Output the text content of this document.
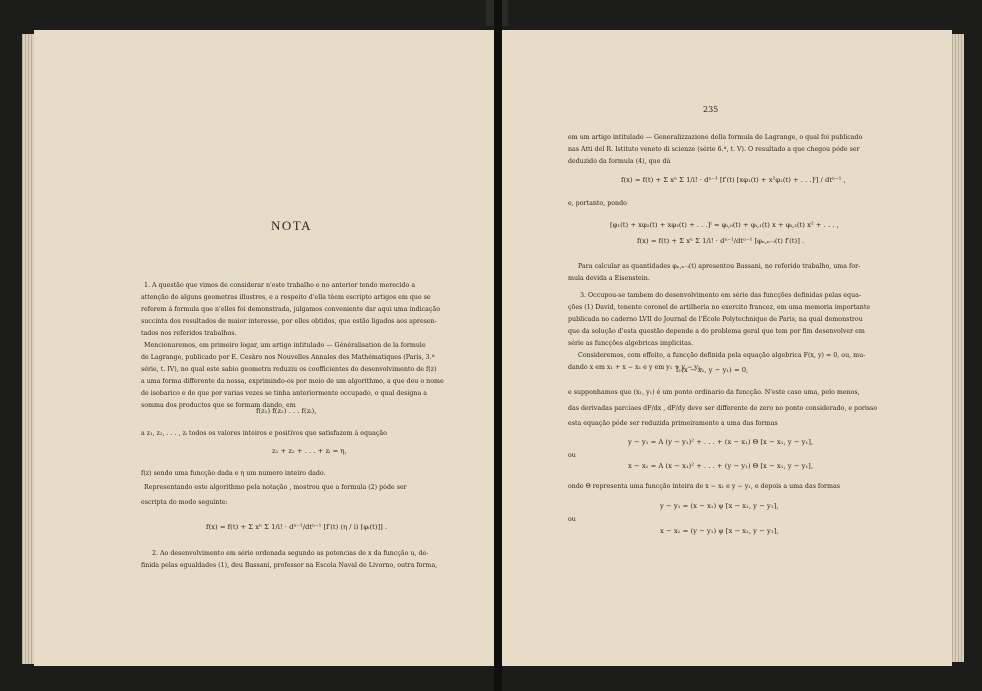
NOTA
1. A questão que vimos de considerar n'este trabalho e no anterior tendo merecido a
attenção de alguns geometras illustres, e a respeito d'ella têem escripto artigos em que se
referem á formula que n'elles foi demonstrada, julgamos conveniente dar aqui uma indicação
succinta dos resultados de maior interesse, por elles obtidos, que estão ligados aos apresen-
tados nos referidos trabalhos.
Mencionaremos, em primeiro logar, um artigo intitulado — Généralisation de la formule
de Lagrange, publicado por E. Cesàro nos Nouvelles Annales des Mathématiques (Paris, 3.ª
série, t. IV), no qual este sabio geometra reduziu os coefficientes do desenvolvimento de f(z)
a uma forma differente da nossa, exprimindo-os por meio de um algorithmo, a que deu o nome
de isobarico e de que por varias vezes se tinha anteriormente occupado, o qual designa a
somma dos productos que se formam dando, em
f(z₁) f(z₂) . . . f(zᵢ),
a z₁, z₂, . . . , zᵢ todos os valores inteiros e positivos que satisfazem á equação
z₁ + z₂ + . . . + zᵢ = η,
f(z) sendo uma funcção dada e η um numero inteiro dado.
Representando este algorithmo pela notação , mostrou que a formula (2) póde ser
escripta do modo seguinte:
f(x) = f(t) + Σ xⁿ Σ 1/i! · dⁿ⁻¹/dtⁿ⁻¹ [f′(t) (η / i) [φᵢ(t)]] .
2. Ao desenvolvimento em série ordenada segundo as potencias de x da funcção u, de-
finida pelas egualdades (1), deu Bassani, professor na Escola Naval de Livorno, outra forma,
235
em um artigo intitulado — Generalizzazione della formula de Lagrange, o qual foi publicado
nas Atti del R. Istituto veneto di scienze (série 6.ª, t. V). O resultado a que chegou póde ser
deduzido da formula (4), que dá
f(x) = f(t) + Σ xⁿ Σ 1/i! · dⁿ⁻¹ [f′(t) [xφ₁(t) + x²φ₂(t) + . . .]ⁱ] / dtⁿ⁻¹ ,
e, portanto, pondo
[φ₁(t) + xφ₂(t) + xφ₃(t) + . . .]ⁱ = φᵢ,₀(t) + φᵢ,₁(t) x + φᵢ,₂(t) x² + . . . ,
f(x) = f(t) + Σ xⁿ Σ 1/i! · dⁿ⁻¹/dtⁿ⁻¹ [φₙ,ₙ₋ᵢ(t) f′(t)] .
Para calcular as quantidades φₙ,ₙ₋ᵢ(t) apresentou Bassani, no referido trabalho, uma for-
mula devida a Eisenstein.
3. Occupou-se tambem do desenvolvimento em série das funcções definidas pelas equa-
ções (1) David, tenente coronel de artilheria no exercito francez, em uma memoria importante
publicada no caderno LVII do Journal de l'École Polytechnique de Paris, na qual demonstrou
que da solução d'esta questão depende a do problema geral que tem por fim desenvolver em
série as funcções algebricas implicitas.
Consideremos, com effeito, a funcção definida pela equação algebrica F(x, y) = 0, ou, mu-
dando x em x₁ + x − x₁ e y em y₁ + y − y₁,
f₁(x − x₁, y − y₁) = 0,
e supponhamos que (x₁, y₁) é um ponto ordinario da funcção. N'este caso uma, pelo menos,
das derivadas parciaes dF/dx , dF/dy deve ser differente de zero no ponto considerado, e porisso
esta equação póde ser reduzida primeiramente a uma das formas
y − y₁ = A (y − y₁)² + . . . + (x − x₁) Θ [x − x₁, y − y₁],
ou
x − x₁ = A (x − x₁)² + . . . + (y − y₁) Θ [x − x₁, y − y₁],
onde Θ representa uma funcção inteira de x − x₁ e y − y₁, e depois a uma das formas
y − y₁ = (x − x₁) ψ [x − x₁, y − y₁],
ou
x − x₁ = (y − y₁) ψ [x − x₁, y − y₁],
